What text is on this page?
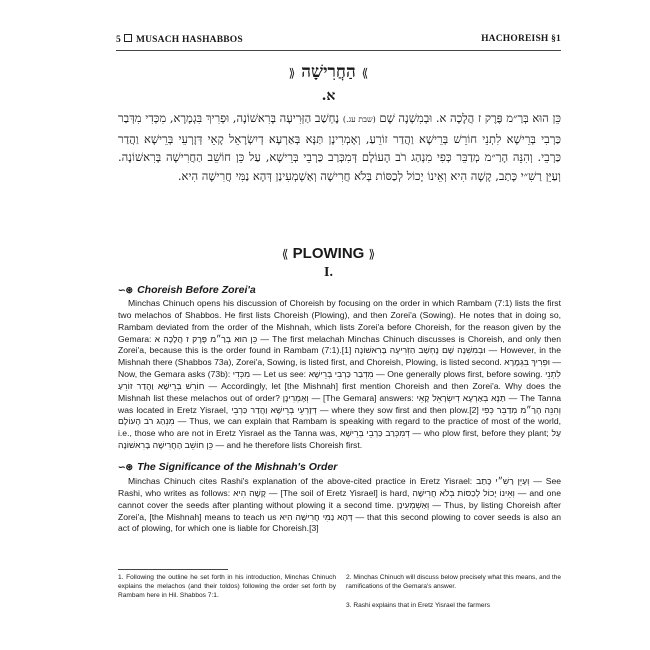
5 MUSACH HASHABBOS	HACHOREISH §1
⟫ הַחֲרִישָׁה ⟪
א.
כֵּן הוּא בְּרַ״מ פֶּרֶק ז הֲלָכָה א. וּבְמִשְׁנָה שָׁם (שבת עג.) נֶחְשַׁב הַזְּרִיעָה בָּרִאשׁוֹנָה, וּפְרִיךְ בִּגְמָרָא, מִכְּדִי מִדְּבַר כַּרְבִי בְּרֵישָׁא לִתְנֵי חוֹרֵשׁ בְּרֵישָׁא וַהֲדַר זוֹרֵעַ, וְאָמְרִינָן תַּנָּא בְּאַרְעָא דְיִשְׂרָאֵל קָאֵי דְּזָרְעֵי בְּרֵישָׁא וַהֲדַר כַּרְבֵי. וְהִנֵּה הָרַ״מ מְדַבֵּר כְּפִי מִנְהַג רֹב הָעוֹלָם דְּמִכְּרַב כַּרְבֵי בְּרֵישָׁא, עַל כֵּן חוֹשֵׁב הַחֲרִישָׁה בָּרִאשׁוֹנָה. וְעַיֵּן רַשִׁ״י כָּתַב, קָשָׁה הִיא וְאֵינוֹ יָכוֹל לְכַסּוֹת בְּלֹא חֲרִישָׁה וְאַשְׁמְעִינַן דְּהָא נַמִּי חֲרִישָׁה הִיא.
⟪ PLOWING ⟫
I.
∽⊛ Choreish Before Zorei'a

Minchas Chinuch opens his discussion of Choreish by focusing on the order in which Rambam (7:1) lists the first two melachos of Shabbos. He first lists Choreish (Plowing), and then Zorei'a (Sowing). He notes that in doing so, Rambam deviated from the order of the Mishnah, which lists Zorei'a before Choreish, for the reason given by the Gemara: כֵּן הוּא בְּרַ״מ פֶּרֶק ז הֲלָכָה א — The first melachah Minchas Chinuch discusses is Choreish, and only then Zorei'a, because this is the order found in Rambam (7:1).[1] וּבְמִשְׁנָה שָׁם נֶחְשַׁב הַזְּרִיעָה בָּרִאשׁוֹנָה — However, in the Mishnah there (Shabbos 73a), Zorei'a, Sowing, is listed first, and Choreish, Plowing, is listed second. וּפְרִיךְ בִּגְמָרָא — Now, the Gemara asks (73b): מִכְּדִי — Let us see: מִדְּבַר כַּרְבִי בְּרֵישָׁא — One generally plows first, before sowing. לִתְנֵי חוֹרֵשׁ בְּרֵישָׁא וַהֲדַר זוֹרֵעַ — Accordingly, let [the Mishnah] first mention Choreish and then Zorei'a. Why does the Mishnah list these melachos out of order? וְאָמְרִינָן — [The Gemara] answers: תַּנָּא בְּאַרְעָא דְיִשְׂרָאֵל קָאֵי — The Tanna was located in Eretz Yisrael, דְּזָרְעֵי בְּרֵישָׁא וַהֲדַר כַּרְבֵי — where they sow first and then plow.[2] וְהִנֵּה הָרַ״מ מְדַבֵּר כְּפִי מִנְהַג רֹב הָעוֹלָם — Thus, we can explain that Rambam is speaking with regard to the practice of most of the world, i.e., those who are not in Eretz Yisrael as the Tanna was, דְּמִכְּרַב כַּרְבֵי בְּרֵישָׁא — who plow first, before they plant; עַל כֵּן חוֹשֵׁב הַחֲרִישָׁה בָּרִאשׁוֹנָה — and he therefore lists Choreish first.

∽⊛ The Significance of the Mishnah's Order

Minchas Chinuch cites Rashi's explanation of the above-cited practice in Eretz Yisrael: וְעַיֵּן רַשִׁ״י כָּתַב — See Rashi, who writes as follows: קָשָׁה הִיא — [The soil of Eretz Yisrael] is hard, וְאֵינוֹ יָכוֹל לְכַסּוֹת בְּלֹא חֲרִישָׁה — and one cannot cover the seeds after planting without plowing it a second time. וְאַשְׁמְעִינַן — Thus, by listing Choreish after Zorei'a, [the Mishnah] means to teach us דְּהָא נַמִּי חֲרִישָׁה הִיא — that this second plowing to cover seeds is also an act of plowing, for which one is liable for Choreish.[3]

1. Following the outline he set forth in his introduction, Minchas Chinuch explains the melachos (and their toldos) following the order set forth by Rambam here in Hil. Shabbos 7:1.
2. Minchas Chinuch will discuss below precisely what this means, and the ramifications of the Gemara's answer.
3. Rashi explains that in Eretz Yisrael the farmers
